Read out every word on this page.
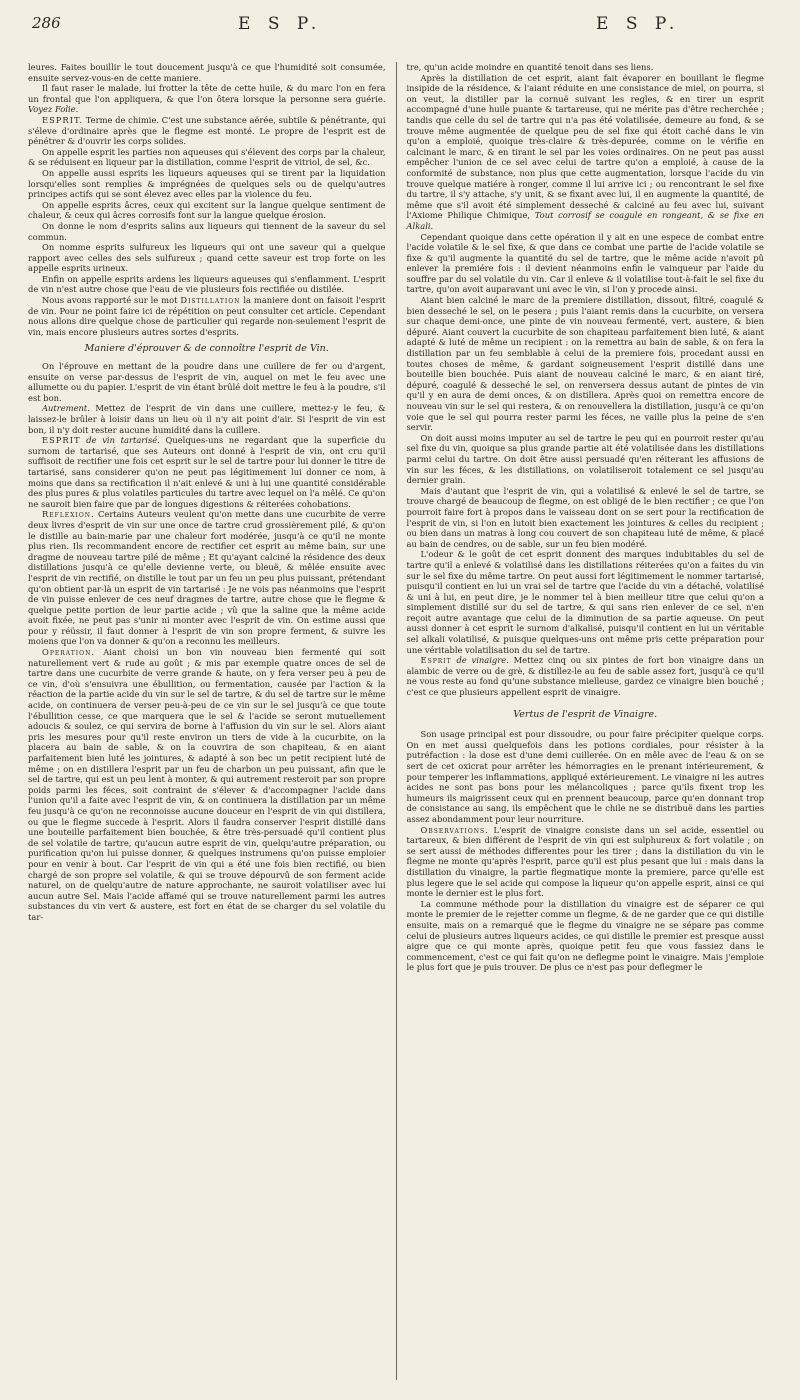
286	E S P.	E S P.

leures. Faites bouillir le tout doucement jusqu'à ce que l'humidité soit consumée, ensuite servez-vous-en de cette maniere.

Il faut raser le malade, lui frotter la tête de cette huile, & du marc l'on en fera un frontal que l'on appliquera, & que l'on ôtera lorsque la personne sera guérie. Voyez Folie.

ESPRIT. Terme de chimie. C'est une substance aërée, subtile & pénétrante, qui s'éleve d'ordinaire après que le flegme est monté. Le propre de l'esprit est de pénétrer & d'ouvrir les corps solides.

On appelle esprit les parties non aqueuses qui s'élevent des corps par la chaleur, & se réduisent en liqueur par la distillation, comme l'esprit de vitriol, de sel, &c.

On appelle aussi esprits les liqueurs aqueuses qui se tirent par la liquidation lorsqu'elles sont remplies & imprégnées de quelques sels ou de quelqu'autres principes actifs qui se sont élevez avec elles par la violence du feu.

On appelle esprits âcres, ceux qui excitent sur la langue quelque sentiment de chaleur, & ceux qui âcres corrosifs font sur la langue quelque érosion.

On donne le nom d'esprits salins aux liqueurs qui tiennent de la saveur du sel commun.

On nomme esprits sulfureux les liqueurs qui ont une saveur qui a quelque rapport avec celles des sels sulfureux ; quand cette saveur est trop forte on les appelle esprits urineux.

Enfin on appelle esprits ardens les liqueurs aqueuses qui s'enflamment. L'esprit de vin n'est autre chose que l'eau de vie plusieurs fois rectifiée ou distilée.

Nous avons rapporté sur le mot Distillation la maniere dont on faisoit l'esprit de vin. Pour ne point faire ici de répétition on peut consulter cet article. Cependant nous allons dire quelque chose de particulier qui regarde non-seulement l'esprit de vin, mais encore plusieurs autres sortes d'esprits.

Maniere d'éprouver & de connoître l'esprit de Vin.

On l'éprouve en mettant de la poudre dans une cuillere de fer ou d'argent, ensuite on verse par-dessus de l'esprit de vin, auquel on met le feu avec une allumette ou du papier. L'esprit de vin étant brûlé doit mettre le feu à la poudre, s'il est bon.

Autrement. Mettez de l'esprit de vin dans une cuillere, mettez-y le feu, & laissez-le brûler à loisir dans un lieu où il n'y ait point d'air. Si l'esprit de vin est bon, il n'y doit rester aucune humidité dans la cuillere.

ESPRIT de vin tartarisé. Quelques-uns ne regardant que la superficie du surnom de tartarisé, que ses Auteurs ont donné à l'esprit de vin, ont cru qu'il suffisoit de rectifier une fois cet esprit sur le sel de tartre pour lui donner le titre de tartarisé, sans considerer qu'on ne peut pas légitimement lui donner ce nom, à moins que dans sa rectification il n'ait enlevé & uni à lui une quantité considérable des plus pures & plus volatiles particules du tartre avec lequel on l'a mêlé. Ce qu'on ne sauroit bien faire que par de longues digestions & réiterées cohobations.

Reflexion. Certains Auteurs veulent qu'on mette dans une cucurbite de verre deux livres d'esprit de vin sur une once de tartre crud grossièrement pilé, & qu'on le distille au bain-marie par une chaleur fort modérée, jusqu'à ce qu'il ne monte plus rien. Ils recommandent encore de rectifier cet esprit au même bain, sur une dragme de nouveau tartre pilé de même ; Et qu'ayant calciné la résidence des deux distillations jusqu'à ce qu'elle devienne verte, ou bleuë, & mêlée ensuite avec l'esprit de vin rectifié, on distille le tout par un feu un peu plus puissant, prétendant qu'on obtient par-là un esprit de vin tartarisé : Je ne vois pas néanmoins que l'esprit de vin puisse enlever de ces neuf dragmes de tartre, autre chose que le flegme & quelque petite portion de leur partie acide ; vû que la saline que la même acide avoit fixée, ne peut pas s'unir ni monter avec l'esprit de vin. On estime aussi que pour y réüssir, il faut donner à l'esprit de vin son propre ferment, & suivre les moiens que l'on va donner & qu'on a reconnu les meilleurs.

Operation. Aiant choisi un bon vin nouveau bien fermenté qui soit naturellement vert & rude au goût ; & mis par exemple quatre onces de sel de tartre dans une cucurbite de verre grande & haute, on y fera verser peu à peu de ce vin, d'où s'ensuivra une ébullition, ou fermentation, causée par l'action & la réaction de la partie acide du vin sur le sel de tartre, & du sel de tartre sur le même acide, on continuera de verser peu-à-peu de ce vin sur le sel jusqu'à ce que toute l'ébullition cesse, ce que marquera que le sel & l'acide se seront mutuellement adoucis & soulez, ce qui servira de borne à l'affusion du vin sur le sel. Alors aiant pris les mesures pour qu'il reste environ un tiers de vide à la cucurbite, on la placera au bain de sable, & on la couvrira de son chapiteau, & en aiant parfaitement bien luté les jointures, & adapté à son bec un petit recipient luté de même ; on en distillera l'esprit par un feu de charbon un peu puissant, afin que le sel de tartre, qui est un peu lent à monter, & qui autrement resteroit par son propre poids parmi les féces, soit contraint de s'élever & d'accompagner l'acide dans l'union qu'il a faite avec l'esprit de vin, & on continuera la distillation par un même feu jusqu'à ce qu'on ne reconnoisse aucune douceur en l'esprit de vin qui distillera, ou que le flegme succede à l'esprit. Alors il faudra conserver l'esprit distillé dans une bouteille parfaitement bien bouchée, & être très-persuadé qu'il contient plus de sel volatile de tartre, qu'aucun autre esprit de vin, quelqu'autre préparation, ou purification qu'on lui puisse donner, & quelques instrumens qu'on puisse emploier pour en venir à bout. Car l'esprit de vin qui a été une fois bien rectifié, ou bien chargé de son propre sel volatile, & qui se trouve dépourvû de son ferment acide naturel, on de quelqu'autre de nature approchante, ne sauroit volatiliser avec lui aucun autre Sel. Mais l'acide affamé qui se trouve naturellement parmi les autres substances du vin vert & austere, est fort en état de se charger du sel volatile du tar-

tre, qu'un acide moindre en quantité tenoit dans ses liens.

Après la distillation de cet esprit, aiant fait évaporer en bouillant le flegme insipide de la résidence, & l'aiant réduite en une consistance de miel, on pourra, si on veut, la distiller par la cornuë suivant les regles, & en tirer un esprit accompagné d'une huile puante & tartareuse, qui ne mérite pas d'être recherchée ; tandis que celle du sel de tartre qui n'a pas été volatilisée, demeure au fond, & se trouve même augmentée de quelque peu de sel fixe qui étoit caché dans le vin qu'on a emploié, quoique très-claire & très-depurée, comme on le vérifie en calcinant le marc, & en tirant le sel par les voies ordinaires. On ne peut pas aussi empêcher l'union de ce sel avec celui de tartre qu'on a emploié, à cause de la conformité de substance, non plus que cette augmentation, lorsque l'acide du vin trouve quelque matiére à ronger, comme il lui arrive ici ; ou rencontrant le sel fixe du tartre, il s'y attache, s'y unit, & se fixant avec lui, il en augmente la quantité, de même que s'il avoit été simplement desseché & calciné au feu avec lui, suivant l'Axiome Philique Chimique, Tout corrosif se coagule en rongeant, & se fixe en Alkali.

Cependant quoique dans cette opération il y ait en une espece de combat entre l'acide volatile & le sel fixe, & que dans ce combat une partie de l'acide volatile se fixe & qu'il augmente la quantité du sel de tartre, que le même acide n'avoit pû enlever la premiére fois : il devient néanmoins enfin le vainqueur par l'aide du souffre par du sel volatile du vin. Car il enleve & il volatilise tout-à-fait le sel fixe du tartre, qu'on avoit auparavant uni avec le vin, si l'on y procede ainsi.

Aiant bien calciné le marc de la premiere distillation, dissout, filtré, coagulé & bien desseché le sel, on le pesera ; puis l'aiant remis dans la cucurbite, on versera sur chaque demi-once, une pinte de vin nouveau fermenté, vert, austere, & bien dépuré. Aiant couvert la cucurbite de son chapiteau parfaitement bien luté, & aiant adapté & luté de même un recipient : on la remettra au bain de sable, & on fera la distillation par un feu semblable à celui de la premiere fois, procedant aussi en toutes choses de même, & gardant soigneusement l'esprit distillé dans une bouteille bien bouchée. Puis aiant de nouveau calciné le marc, & en aiant tiré, dépuré, coagulé & desseché le sel, on renversera dessus autant de pintes de vin qu'il y en aura de demi onces, & on distillera. Après quoi on remettra encore de nouveau vin sur le sel qui restera, & on renouvellera la distillation, jusqu'à ce qu'on voie que le sel qui pourra rester parmi les féces, ne vaille plus la peine de s'en servir.

On doit aussi moins imputer au sel de tartre le peu qui en pourroit rester qu'au sel fixe du vin, quoique sa plus grande partie ait été volatilisée dans les distillations parmi celui du tartre. On doit être aussi persuadé qu'en réiterant les affusions de vin sur les féces, & les distillations, on volatiliseroit totalement ce sel jusqu'au dernier grain.

Mais d'autant que l'esprit de vin, qui a volatilisé & enlevé le sel de tartre, se trouve chargé de beaucoup de flegme, on est obligé de le bien rectifier ; ce que l'on pourroit faire fort à propos dans le vaisseau dont on se sert pour la rectification de l'esprit de vin, si l'on en lutoit bien exactement les jointures & celles du recipient ; ou bien dans un matras à long cou couvert de son chapiteau luté de même, & placé au bain de cendres, ou de sable, sur un feu bien modéré.

L'odeur & le goût de cet esprit donnent des marques indubitables du sel de tartre qu'il a enlevé & volatilisé dans les distillations réiterées qu'on a faites du vin sur le sel fixe du même tartre. On peut aussi fort légitimement le nommer tartarisé, puisqu'il contient en lui un vrai sel de tartre que l'acide du vin a détaché, volatilisé & uni à lui, en peut dire, je le nommer tel à bien meilleur titre que celui qu'on a simplement distillé sur du sel de tartre, & qui sans rien enlever de ce sel, n'en reçoit autre avantage que celui de la diminution de sa partie aqueuse. On peut aussi donner à cet esprit le surnom d'alkalisé, puisqu'il contient en lui un véritable sel alkali volatilisé, & puisque quelques-uns ont même pris cette préparation pour une véritable volatilisation du sel de tartre.

Esprit de vinaigre. Mettez cinq ou six pintes de fort bon vinaigre dans un alambic de verre ou de grè, & distillez-le au feu de sable assez fort, jusqu'à ce qu'il ne vous reste au fond qu'une substance mielleuse, gardez ce vinaigre bien bouché ; c'est ce que plusieurs appellent esprit de vinaigre.

Vertus de l'esprit de Vinaigre.

Son usage principal est pour dissoudre, ou pour faire précipiter quelque corps. On en met aussi quelquefois dans les potions cordiales, pour résister à la putréfaction : la dose est d'une demi cuillerée. On en mêle avec de l'eau & on se sert de cet oxicrat pour arrêter les hémorragies en le prenant intérieurement, & pour temperer les inflammations, appliqué extérieurement. Le vinaigre ni les autres acides ne sont pas bons pour les mélancoliques ; parce qu'ils fixent trop les humeurs ils maigrissent ceux qui en prennent beaucoup, parce qu'en donnant trop de consistance au sang, ils empêchent que le chile ne se distribuë dans les parties assez abondamment pour leur nourriture.

Observations. L'esprit de vinaigre consiste dans un sel acide, essentiel ou tartareux, & bien différent de l'esprit de vin qui est sulphureux & fort volatile ; on se sert aussi de méthodes differentes pour les tirer ; dans la distillation du vin le flegme ne monte qu'après l'esprit, parce qu'il est plus pesant que lui : mais dans la distillation du vinaigre, la partie flegmatique monte la premiere, parce qu'elle est plus legere que le sel acide qui compose la liqueur qu'on appelle esprit, ainsi ce qui monte le dernier est le plus fort.

La commune méthode pour la distillation du vinaigre est de séparer ce qui monte le premier de le rejetter comme un flegme, & de ne garder que ce qui distille ensuite, mais on a remarqué que le flegme du vinaigre ne se sépare pas comme celui de plusieurs autres liqueurs acides, ce qui distille le premier est presque aussi aigre que ce qui monte après, quoique petit feu que vous fassiez dans le commencement, c'est ce qui fait qu'on ne deflegme point le vinaigre. Mais j'emploie le plus fort que je puis trouver. De plus ce n'est pas pour deflegmer le
